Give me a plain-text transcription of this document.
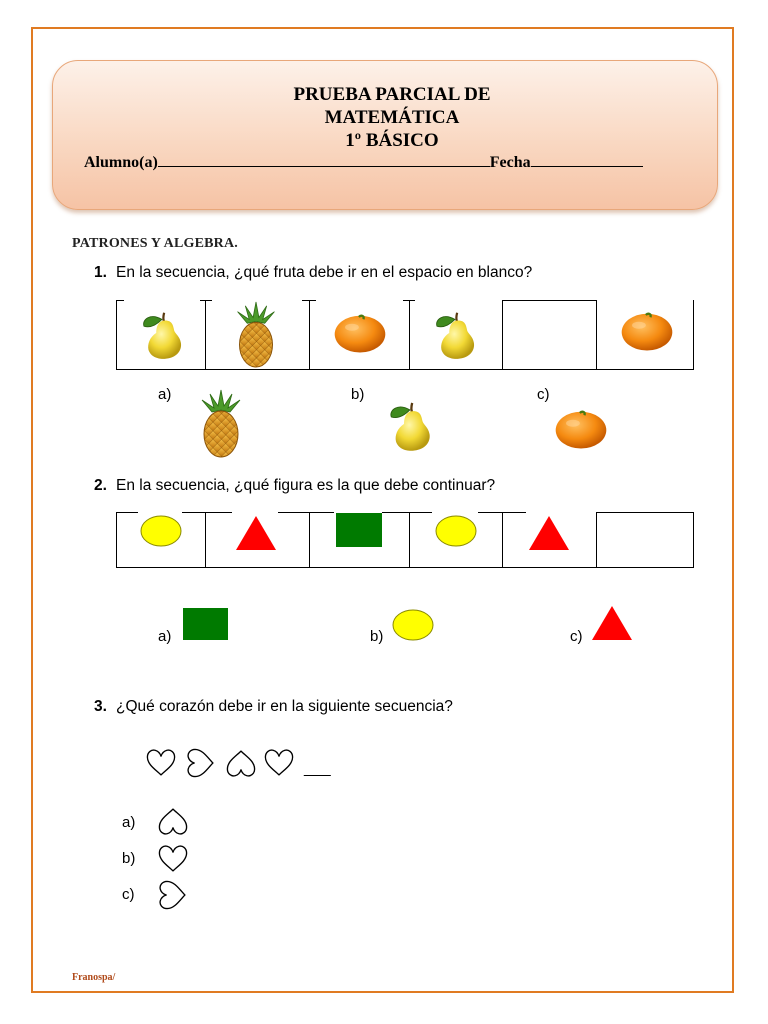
PRUEBA PARCIAL DE
MATEMÁTICA
1º BÁSICO
Alumno(a)	Fecha
PATRONES Y ALGEBRA.
1. En la secuencia, ¿qué fruta debe ir en el espacio en blanco?
a)	b)	c)
2. En la secuencia, ¿qué figura es la que debe continuar?
a)	b)	c)
3. ¿Qué corazón debe ir en la siguiente secuencia?
___
a)
b)
c)
Franospa/
